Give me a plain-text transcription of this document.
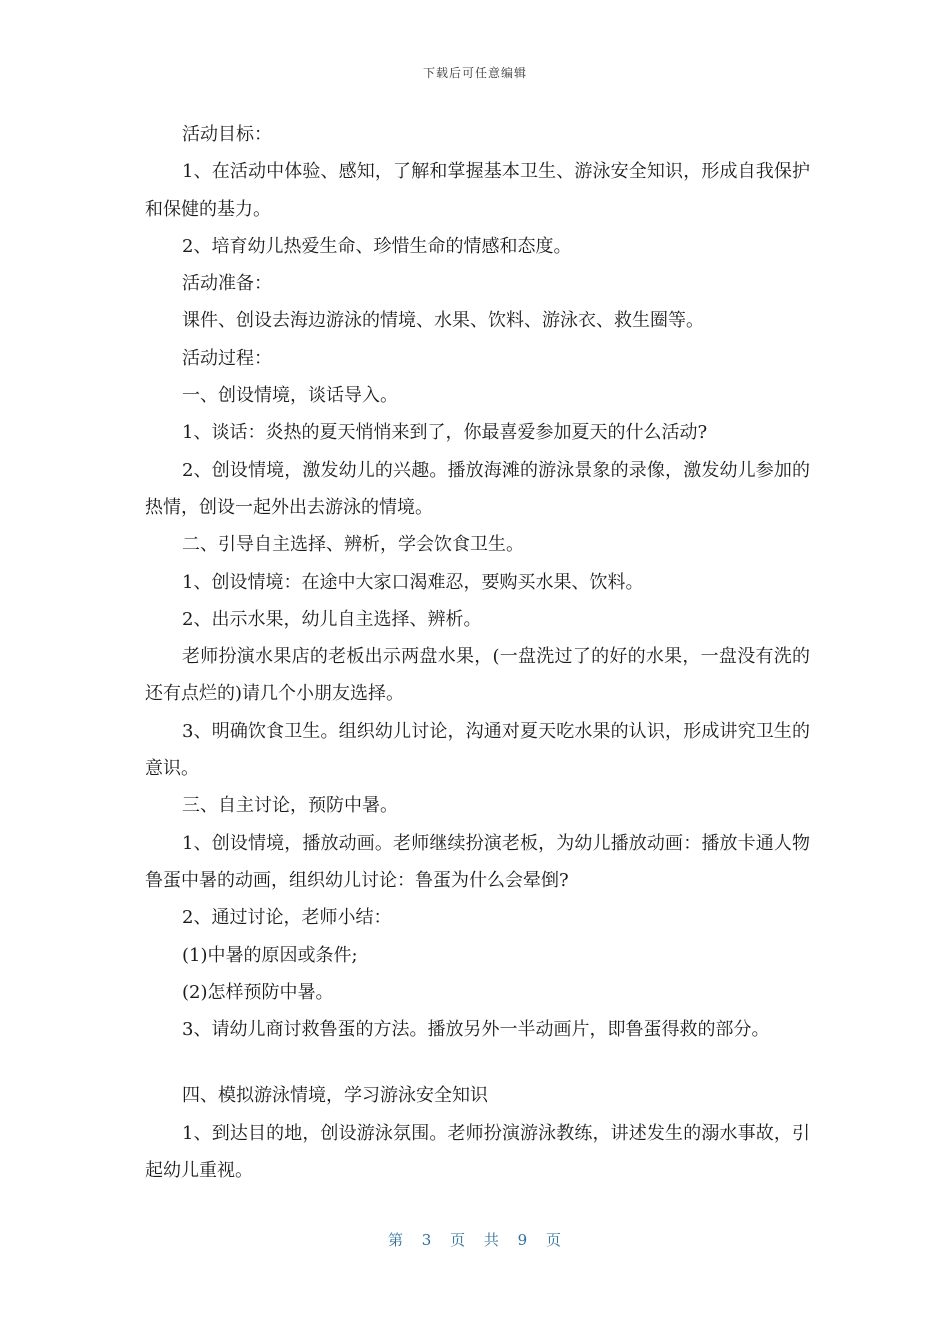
下载后可任意编辑

活动目标：

1、在活动中体验、感知，了解和掌握基本卫生、游泳安全知识，形成自我保护和保健的基力。

2、培育幼儿热爱生命、珍惜生命的情感和态度。

活动准备：

课件、创设去海边游泳的情境、水果、饮料、游泳衣、救生圈等。

活动过程：

一、创设情境，谈话导入。

1、谈话：炎热的夏天悄悄来到了，你最喜爱参加夏天的什么活动?

2、创设情境，激发幼儿的兴趣。播放海滩的游泳景象的录像，激发幼儿参加的热情，创设一起外出去游泳的情境。

二、引导自主选择、辨析，学会饮食卫生。

1、创设情境：在途中大家口渴难忍，要购买水果、饮料。

2、出示水果，幼儿自主选择、辨析。

老师扮演水果店的老板出示两盘水果，(一盘洗过了的好的水果，一盘没有洗的还有点烂的)请几个小朋友选择。

3、明确饮食卫生。组织幼儿讨论，沟通对夏天吃水果的认识，形成讲究卫生的意识。

三、自主讨论，预防中暑。

1、创设情境，播放动画。老师继续扮演老板，为幼儿播放动画：播放卡通人物鲁蛋中暑的动画，组织幼儿讨论：鲁蛋为什么会晕倒?

2、通过讨论，老师小结：

(1)中暑的原因或条件;

(2)怎样预防中暑。

3、请幼儿商讨救鲁蛋的方法。播放另外一半动画片，即鲁蛋得救的部分。

四、模拟游泳情境，学习游泳安全知识

1、到达目的地，创设游泳氛围。老师扮演游泳教练，讲述发生的溺水事故，引起幼儿重视。

第 3 页 共 9 页
